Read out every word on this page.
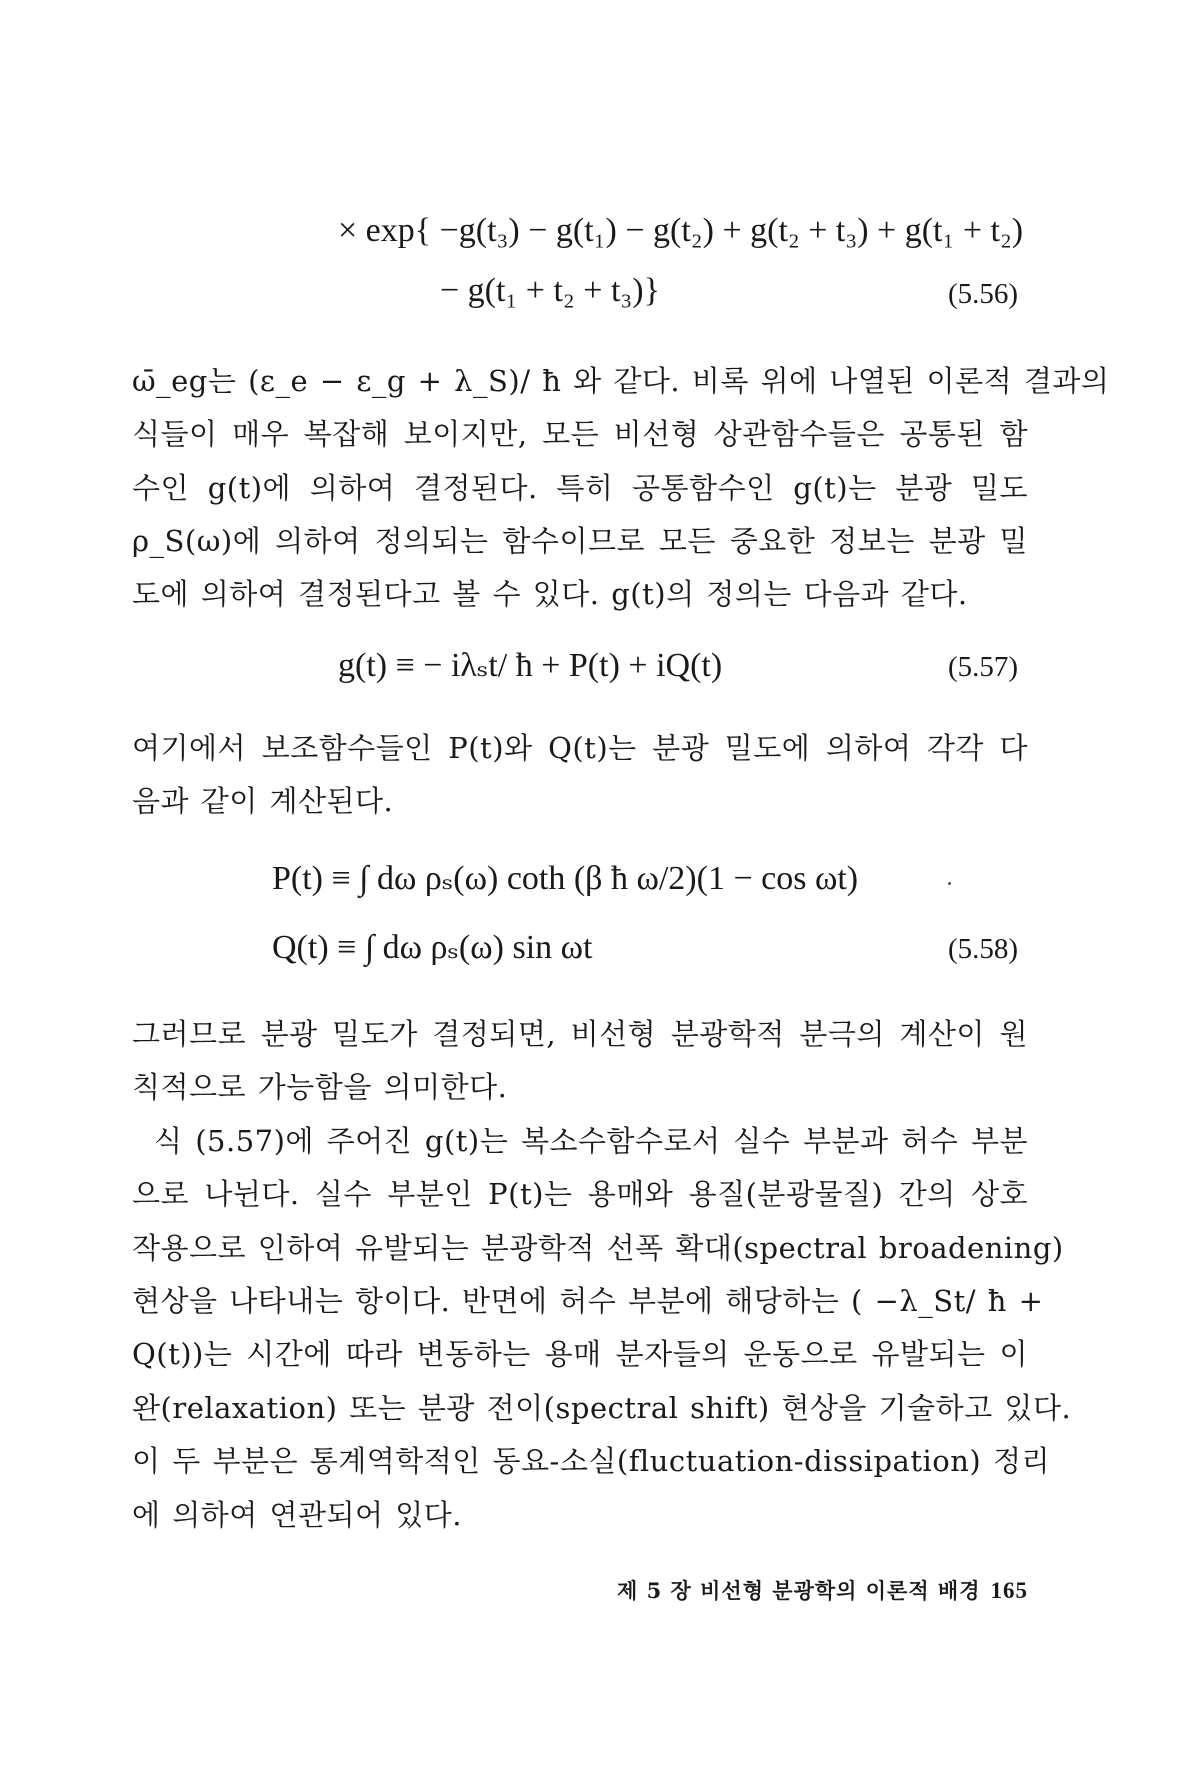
× exp{ −g(t₃) − g(t₁) − g(t₂) + g(t₂ + t₃) + g(t₁ + t₂)
− g(t₁ + t₂ + t₃)}	(5.56)
ω̄_eg는 (ε_e − ε_g + λ_S)/ ħ 와 같다. 비록 위에 나열된 이론적 결과의
식들이 매우 복잡해 보이지만, 모든 비선형 상관함수들은 공통된 함
수인 g(t)에 의하여 결정된다. 특히 공통함수인 g(t)는 분광 밀도
ρ_S(ω)에 의하여 정의되는 함수이므로 모든 중요한 정보는 분광 밀
도에 의하여 결정된다고 볼 수 있다. g(t)의 정의는 다음과 같다.
g(t) ≡ − iλₛt/ ħ + P(t) + iQ(t)	(5.57)
여기에서 보조함수들인 P(t)와 Q(t)는 분광 밀도에 의하여 각각 다
음과 같이 계산된다.
P(t) ≡ ∫ dω ρₛ(ω) coth (β ħ ω/2)(1 − cos ωt)
Q(t) ≡ ∫ dω ρₛ(ω) sin ωt	(5.58)
그러므로 분광 밀도가 결정되면, 비선형 분광학적 분극의 계산이 원
칙적으로 가능함을 의미한다.
식 (5.57)에 주어진 g(t)는 복소수함수로서 실수 부분과 허수 부분
으로 나뉜다. 실수 부분인 P(t)는 용매와 용질(분광물질) 간의 상호
작용으로 인하여 유발되는 분광학적 선폭 확대(spectral broadening)
현상을 나타내는 항이다. 반면에 허수 부분에 해당하는 ( −λ_St/ ħ +
Q(t))는 시간에 따라 변동하는 용매 분자들의 운동으로 유발되는 이
완(relaxation) 또는 분광 전이(spectral shift) 현상을 기술하고 있다.
이 두 부분은 통계역학적인 동요-소실(fluctuation-dissipation) 정리
에 의하여 연관되어 있다.
제 5 장 비선형 분광학의 이론적 배경 165
